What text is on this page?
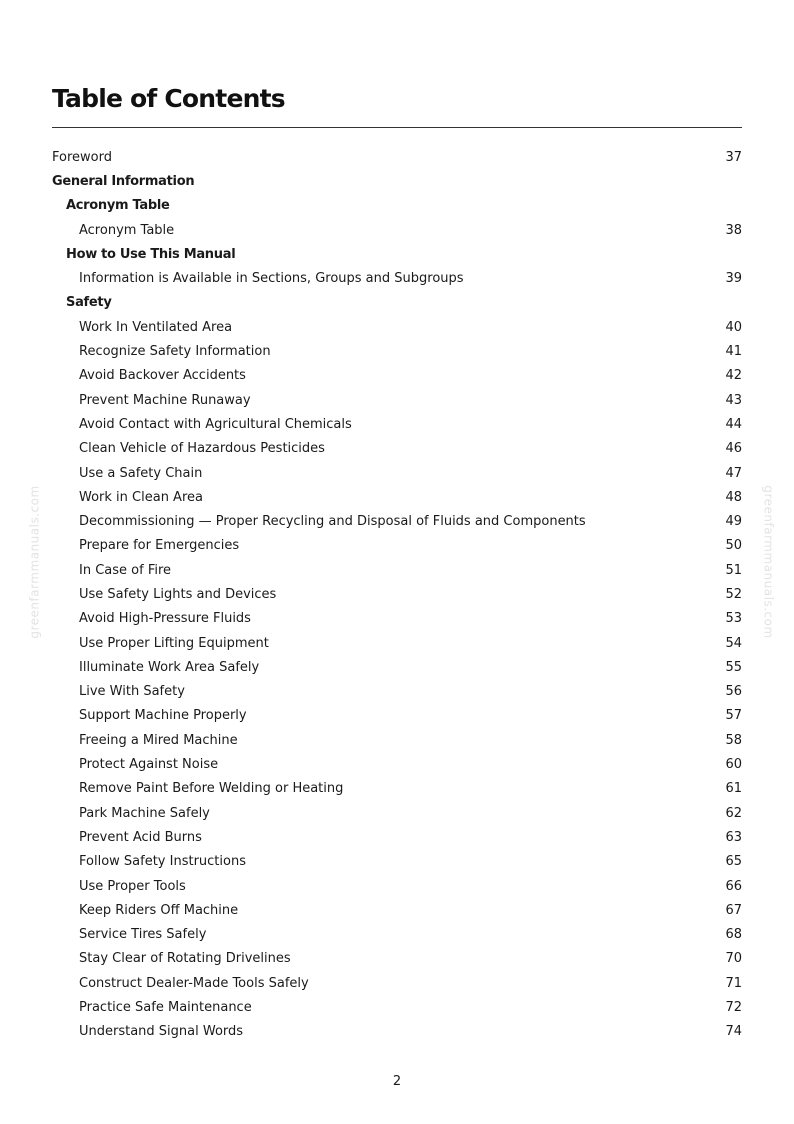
Table of Contents
Foreword	37
General Information
Acronym Table
Acronym Table	38
How to Use This Manual
Information is Available in Sections, Groups and Subgroups	39
Safety
Work In Ventilated Area	40
Recognize Safety Information	41
Avoid Backover Accidents	42
Prevent Machine Runaway	43
Avoid Contact with Agricultural Chemicals	44
Clean Vehicle of Hazardous Pesticides	46
Use a Safety Chain	47
Work in Clean Area	48
Decommissioning — Proper Recycling and Disposal of Fluids and Components	49
Prepare for Emergencies	50
In Case of Fire	51
Use Safety Lights and Devices	52
Avoid High-Pressure Fluids	53
Use Proper Lifting Equipment	54
Illuminate Work Area Safely	55
Live With Safety	56
Support Machine Properly	57
Freeing a Mired Machine	58
Protect Against Noise	60
Remove Paint Before Welding or Heating	61
Park Machine Safely	62
Prevent Acid Burns	63
Follow Safety Instructions	65
Use Proper Tools	66
Keep Riders Off Machine	67
Service Tires Safely	68
Stay Clear of Rotating Drivelines	70
Construct Dealer-Made Tools Safely	71
Practice Safe Maintenance	72
Understand Signal Words	74
2
greenfarmmanuals.com	greenfarmmanuals.com
